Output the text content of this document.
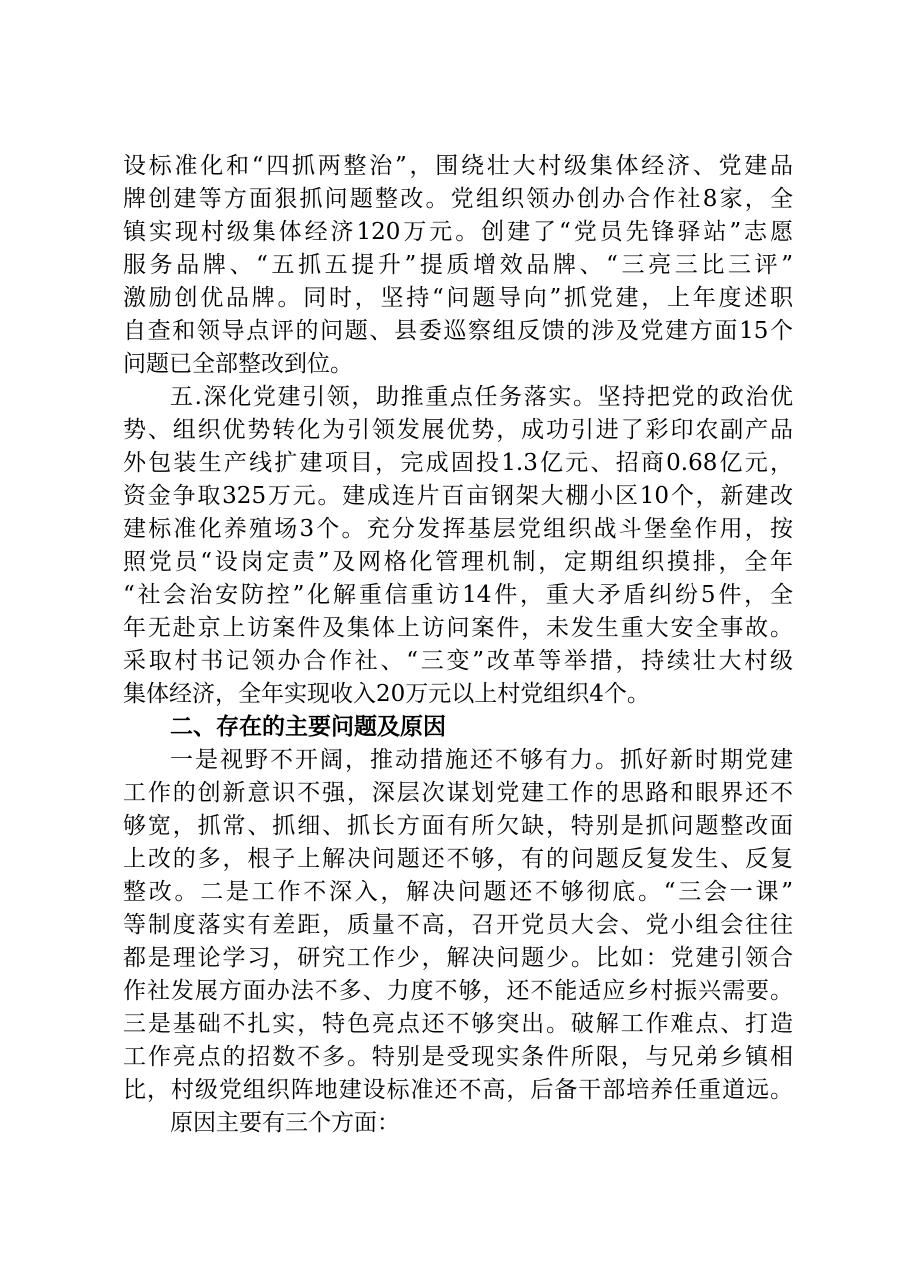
设标准化和“四抓两整治”，围绕壮大村级集体经济、党建品
牌创建等方面狠抓问题整改。党组织领办创办合作社8家，全
镇实现村级集体经济120万元。创建了“党员先锋驿站”志愿
服务品牌、“五抓五提升”提质增效品牌、“三亮三比三评”
激励创优品牌。同时，坚持“问题导向”抓党建，上年度述职
自查和领导点评的问题、县委巡察组反馈的涉及党建方面15个
问题已全部整改到位。
五.深化党建引领，助推重点任务落实。坚持把党的政治优
势、组织优势转化为引领发展优势，成功引进了彩印农副产品
外包装生产线扩建项目，完成固投1.3亿元、招商0.68亿元，
资金争取325万元。建成连片百亩钢架大棚小区10个，新建改
建标准化养殖场3个。充分发挥基层党组织战斗堡垒作用，按
照党员“设岗定责”及网格化管理机制，定期组织摸排，全年
“社会治安防控”化解重信重访14件，重大矛盾纠纷5件，全
年无赴京上访案件及集体上访问案件，未发生重大安全事故。
采取村书记领办合作社、“三变”改革等举措，持续壮大村级
集体经济，全年实现收入20万元以上村党组织4个。
二、存在的主要问题及原因
一是视野不开阔，推动措施还不够有力。抓好新时期党建
工作的创新意识不强，深层次谋划党建工作的思路和眼界还不
够宽，抓常、抓细、抓长方面有所欠缺，特别是抓问题整改面
上改的多，根子上解决问题还不够，有的问题反复发生、反复
整改。二是工作不深入，解决问题还不够彻底。“三会一课”
等制度落实有差距，质量不高，召开党员大会、党小组会往往
都是理论学习，研究工作少，解决问题少。比如：党建引领合
作社发展方面办法不多、力度不够，还不能适应乡村振兴需要。
三是基础不扎实，特色亮点还不够突出。破解工作难点、打造
工作亮点的招数不多。特别是受现实条件所限，与兄弟乡镇相
比，村级党组织阵地建设标准还不高，后备干部培养任重道远。
原因主要有三个方面：
